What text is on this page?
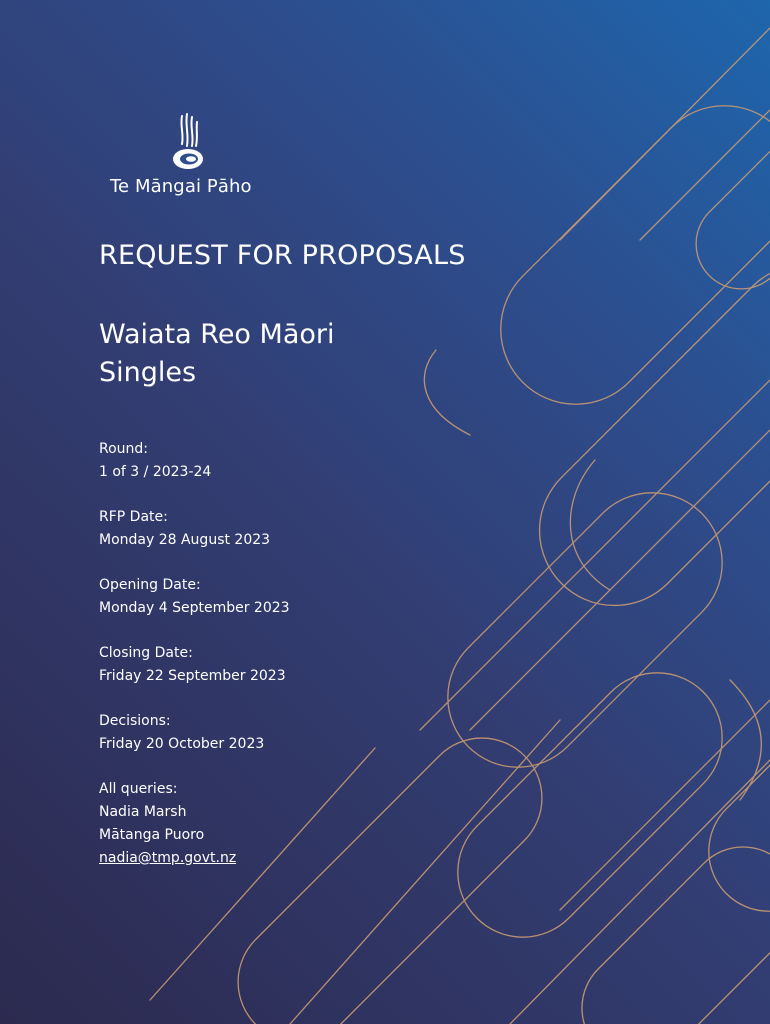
Te Māngai Pāho
REQUEST FOR PROPOSALS
Waiata Reo Māori
Singles
Round:
1 of 3 / 2023-24
RFP Date:
Monday 28 August 2023
Opening Date:
Monday 4 September 2023
Closing Date:
Friday 22 September 2023
Decisions:
Friday 20 October 2023
All queries:
Nadia Marsh
Mātanga Puoro
nadia@tmp.govt.nz
